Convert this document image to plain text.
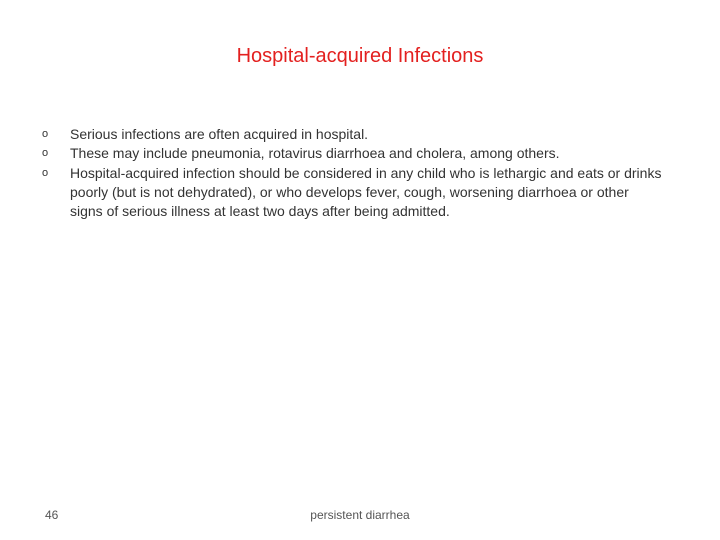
Hospital-acquired Infections
o Serious infections are often acquired in hospital.
o These may include pneumonia, rotavirus diarrhoea and cholera, among others.
o Hospital-acquired infection should be considered in any child who is lethargic and eats or drinks poorly (but is not dehydrated), or who develops fever, cough, worsening diarrhoea or other signs of serious illness at least two days after being admitted.
46	persistent diarrhea
